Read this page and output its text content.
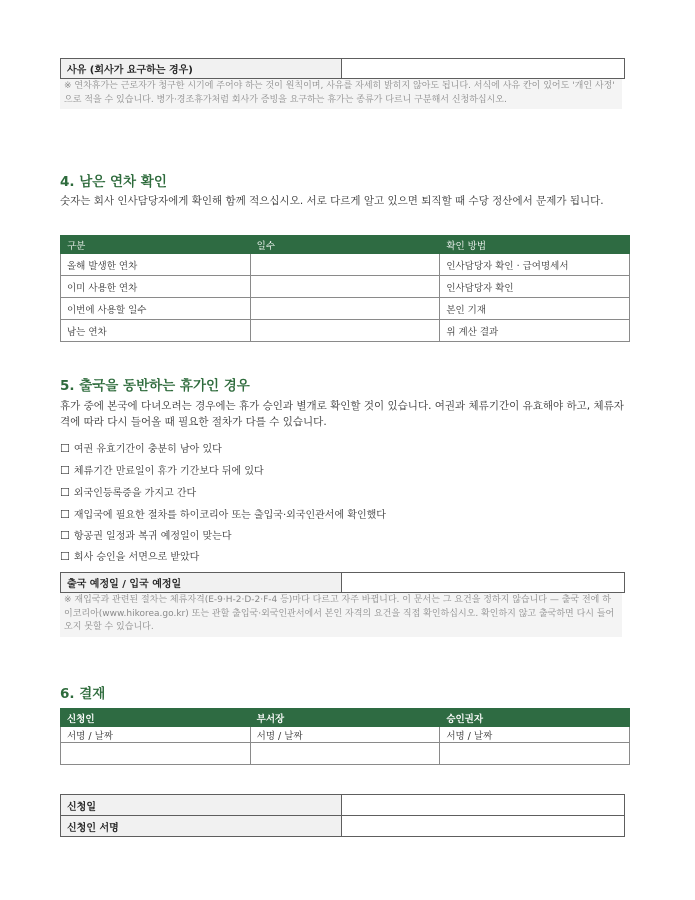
사유 (회사가 요구하는 경우)	
※ 연차휴가는 근로자가 청구한 시기에 주어야 하는 것이 원칙이며, 사유를 자세히 밝히지 않아도 됩니다. 서식에 사유 칸이 있어도 '개인 사정' 으로 적을 수 있습니다. 병가·경조휴가처럼 회사가 증빙을 요구하는 휴가는 종류가 다르니 구분해서 신청하십시오.
4. 남은 연차 확인
숫자는 회사 인사담당자에게 확인해 함께 적으십시오. 서로 다르게 알고 있으면 퇴직할 때 수당 정산에서 문제가 됩니다.
구분	일수	확인 방법
올해 발생한 연차		인사담당자 확인 · 급여명세서
이미 사용한 연차		인사담당자 확인
이번에 사용할 일수		본인 기재
남는 연차		위 계산 결과
5. 출국을 동반하는 휴가인 경우
휴가 중에 본국에 다녀오려는 경우에는 휴가 승인과 별개로 확인할 것이 있습니다. 여권과 체류기간이 유효해야 하고, 체류자격에 따라 다시 들어올 때 필요한 절차가 다를 수 있습니다.
☐ 여권 유효기간이 충분히 남아 있다
☐ 체류기간 만료일이 휴가 기간보다 뒤에 있다
☐ 외국인등록증을 가지고 간다
☐ 재입국에 필요한 절차를 하이코리아 또는 출입국·외국인관서에 확인했다
☐ 항공권 일정과 복귀 예정일이 맞는다
☐ 회사 승인을 서면으로 받았다
출국 예정일 / 입국 예정일	
※ 재입국과 관련된 절차는 체류자격(E-9·H-2·D-2·F-4 등)마다 다르고 자주 바뀝니다. 이 문서는 그 요건을 정하지 않습니다 — 출국 전에 하이코리아(www.hikorea.go.kr) 또는 관할 출입국·외국인관서에서 본인 자격의 요건을 직접 확인하십시오. 확인하지 않고 출국하면 다시 들어오지 못할 수 있습니다.
6. 결재
신청인	부서장	승인권자
서명 / 날짜	서명 / 날짜	서명 / 날짜

신청일	
신청인 서명	
